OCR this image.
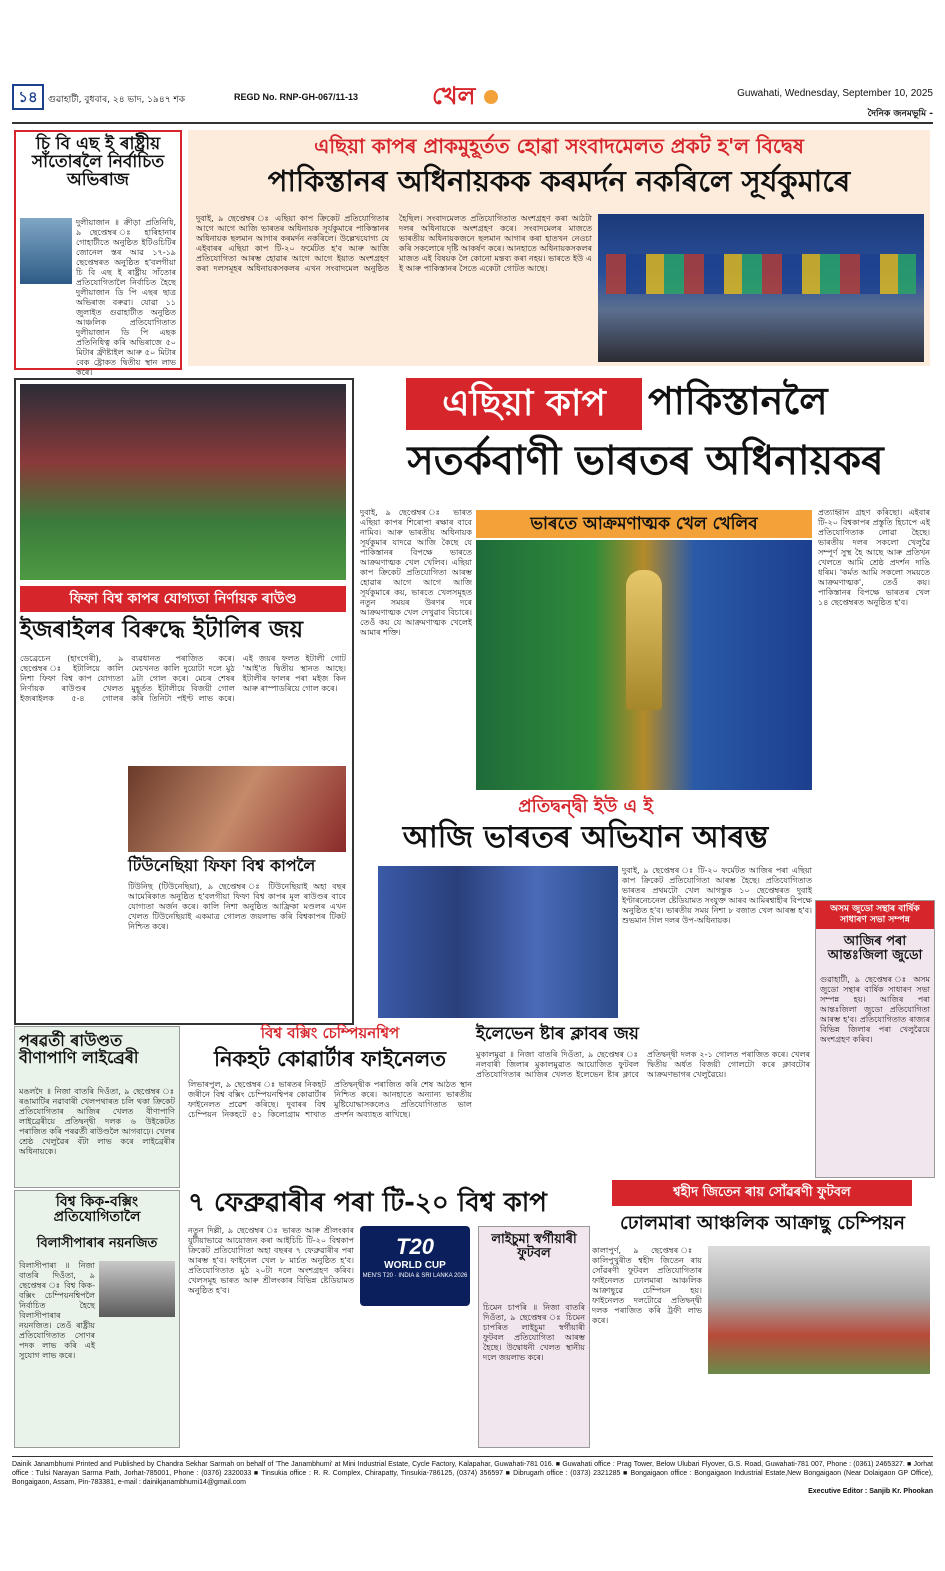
১৪	গুৱাহাটী, বুধবাৰ, ২৪ ভাদ, ১৯৪৭ শক	REGD No. RNP-GH-067/11-13	খেল	Guwahati, Wednesday, September 10, 2025
দৈনিক জনমভূমি -
চি বি এছ ই ৰাষ্ট্ৰীয় সাঁতোৰলৈ নিৰ্বাচিত অভিৰাজ
দুলীয়াজান ॥ ক্ৰীড়া প্ৰতিনিধি, ৯ ছেপ্তেম্বৰ ঃ হাৰিহানাৰ গোহাটীতে অনুষ্ঠিত ইটিওচিটিৰ জোনেল স্তৰ আৱ ১৭-১৯ ছেপ্তেম্বৰত অনুষ্ঠিত হ'বলগীয়া চি বি এছ ই ৰাষ্ট্ৰীয় সাঁতোৰ প্ৰতিযোগিতালৈ নিৰ্বাচিত হৈছে দুলীয়াজান ডি পি এছৰ ছাত্ৰ অভিৰাজ বৰুৱা। যোৱা ১১ জুলাইত গুৱাহাটীত অনুষ্ঠিত আঞ্চলিক প্ৰতিযোগিতাত দুলীয়াজান ডি পি এছক প্ৰতিনিধিত্ব কৰি অভিৰাজে ৫০ মিটাৰ ফ্ৰীষ্টাইল আৰু ৫০ মিটাৰ বেক ষ্ট্ৰোকত দ্বিতীয় স্থান লাভ কৰে।
এছিয়া কাপৰ প্ৰাকমুহূৰ্তত হোৱা সংবাদমেলত প্ৰকট হ'ল বিদ্বেষ
পাকিস্তানৰ অধিনায়কক কৰমৰ্দন নকৰিলে সূৰ্যকুমাৰে
দুবাই, ৯ ছেপ্তেম্বৰ ঃ এছিয়া কাপ ক্ৰিকেট প্ৰতিযোগিতাৰ আগে আগে আজি ভাৰতৰ অধিনায়ক সূৰ্যকুমাৰে পাকিস্তানৰ অধিনায়ক ছলমান আগাৰ কৰমৰ্দন নকৰিলে। উল্লেখযোগ্য যে এইবাৰৰ এছিয়া কাপ টি-২০ ফৰ্মেটত হ'ব আৰু আজি প্ৰতিযোগিতা আৰম্ভ হোৱাৰ আগে আগে ইয়াত অংশগ্ৰহণ কৰা দলসমূহৰ অধিনায়কসকলৰ এখন সংবাদমেল অনুষ্ঠিত হৈছিল। সংবাদমেলত প্ৰতিযোগিতাত অংশগ্ৰহণ কৰা আঠটা দলৰ অধিনায়কে অংশগ্ৰহণ কৰে। সংবাদমেলৰ মাজতে ভাৰতীয় অধিনায়কজনে ছলমান আগাৰ কৰা হাতখন নেওচা কৰি সকলোৰে দৃষ্টি আকৰ্ষণ কৰে। আনহাতে অধিনায়কসকলৰ মাজত এই বিষয়ক লৈ কোনো মন্তব্য কৰা নহয়। ভাৰতে ইউ এ ই আৰু পাকিস্তানৰ সৈতে একেটা গোটত আছে।
ফিফা বিশ্ব কাপৰ যোগ্যতা নিৰ্ণায়ক ৰাউণ্ড
ইজৰাইলৰ বিৰুদ্ধে ইটালিৰ জয়
ডেব্ৰেচেন (হাংগেৰী), ৯ ছেপ্তেম্বৰ ঃ ইটালিয়ে কালি নিশা ফিফা বিশ্ব কাপ যোগ্যতা নিৰ্ণায়ক ৰাউণ্ডৰ খেলত ইজৰাইলক ৫-৪ গোলৰ ব্যৱধানত পৰাজিত কৰে। মেচখনত কালি দুয়োটা দলে মুঠ ৯টা গোল কৰে। মেচৰ শেষৰ মুহূৰ্তত ইটালীয়ে বিজয়ী গোল কৰি তিনিটা পইণ্ট লাভ কৰে। এই জয়ৰ ফলত ইটালী গোট 'আই'ত দ্বিতীয় স্থানত আছে। ইটালীৰ ফালৰ পৰা মইজ কিন আৰু ৰাস্পাডৰিয়ে গোল কৰে।
টিউনেছিয়া ফিফা বিশ্ব কাপলৈ
টিউনিছ (টিউনেছিয়া), ৯ ছেপ্তেম্বৰ ঃ টিউনেছিয়াই অহা বছৰ আমেৰিকাত অনুষ্ঠিত হ'বলগীয়া ফিফা বিশ্ব কাপৰ মূল ৰাউণ্ডৰ বাবে যোগ্যতা অৰ্জন কৰে। কালি নিশা অনুষ্ঠিত আফ্ৰিকা মণ্ডলৰ এখন খেলত টিউনেছিয়াই একমাত্ৰ গোলত জয়লাভ কৰি বিশ্বকাপৰ টিকট নিশ্চিত কৰে।
এছিয়া কাপ	পাকিস্তানলৈ
সতৰ্কবাণী ভাৰতৰ অধিনায়কৰ
দুবাই, ৯ ছেপ্তেম্বৰ ঃ ভাৰত এছিয়া কাপৰ শিৰোপা ৰক্ষাৰ বাবে নামিব। আৰু ভাৰতীয় অধিনায়ক সূৰ্যকুমাৰ যাদৱে আজি কৈছে যে পাকিস্তানৰ বিপক্ষে ভাৰতে আক্ৰমণাত্মক খেল খেলিব। এছিয়া কাপ ক্ৰিকেট প্ৰতিযোগিতা আৰম্ভ হোৱাৰ আগে আগে আজি সূৰ্যকুমাৰে কয়, ভাৰতে খেলসমূহত নতুন সময়ৰ উৰণৰ দৰে আক্ৰমণাত্মক খেল দেখুৱাব বিচাৰে। তেওঁ কয় যে আক্ৰমণাত্মক খেলেই আমাৰ শক্তি।
ভাৰতে আক্ৰমণাত্মক খেল খেলিব
প্ৰত্যাহ্বান গ্ৰহণ কৰিছো। এইবাৰ টি-২০ বিশ্বকাপৰ প্ৰস্তুতি হিচাপে এই প্ৰতিযোগিতাক লোৱা হৈছে। ভাৰতীয় দলৰ সকলো খেলুৱৈ সম্পূৰ্ণ সুস্থ হৈ আছে আৰু প্ৰতিখন খেলতে আমি শ্ৰেষ্ঠ প্ৰদৰ্শন দাঙি ধৰিম। 'কৰ্মত আমি সকলো সময়তে আক্ৰমণাত্মক', তেওঁ কয়। পাকিস্তানৰ বিপক্ষে ভাৰতৰ খেল ১৪ ছেপ্তেম্বৰত অনুষ্ঠিত হ'ব।
প্ৰতিদ্বন্দ্বী ইউ এ ই
আজি ভাৰতৰ অভিযান আৰম্ভ
দুবাই, ৯ ছেপ্তেম্বৰ ঃ টি-২০ ফৰ্মেটত আজিৰ পৰা এছিয়া কাপ ক্ৰিকেট প্ৰতিযোগিতা আৰম্ভ হৈছে। প্ৰতিযোগিতাত ভাৰতৰ প্ৰথমটো খেল আগন্তুক ১০ ছেপ্তেম্বৰত দুবাই ইণ্টাৰনেচনেল ষ্টেডিয়ামত সংযুক্ত আৰব আমিৰশ্বাহীৰ বিপক্ষে অনুষ্ঠিত হ'ব। ভাৰতীয় সময় নিশা ৮ বজাত খেল আৰম্ভ হ'ব। শুভমান গিল দলৰ উপ-অধিনায়ক।
অসম জুডো সন্থাৰ বাৰ্ষিক সাধাৰণ সভা সম্পন্ন
আজিৰ পৰা আন্তঃজিলা জুডো
গুৱাহাটী, ৯ ছেপ্তেম্বৰ ঃ অসম জুডো সন্থাৰ বাৰ্ষিক সাধাৰণ সভা সম্পন্ন হয়। আজিৰ পৰা আন্তঃজিলা জুডো প্ৰতিযোগিতা আৰম্ভ হ'ব। প্ৰতিযোগিতাত ৰাজ্যৰ বিভিন্ন জিলাৰ পৰা খেলুৱৈয়ে অংশগ্ৰহণ কৰিব।
পৰৱৰ্তী ৰাউণ্ডত বীণাপাণি লাইব্ৰেৰী
মঙলদৈ ॥ নিজা বাতৰি দিওঁতা, ৯ ছেপ্তেম্বৰ ঃ ৰঙামাটিৰ নৱাবাৰী খেলপথাৰত চলি থকা ক্ৰিকেট প্ৰতিযোগিতাৰ আজিৰ খেলত বীণাপাণি লাইব্ৰেৰীয়ে প্ৰতিদ্বন্দ্বী দলক ৬ উইকেটত পৰাজিত কৰি পৰৱৰ্তী ৰাউণ্ডলৈ আগবাঢ়ে। খেলৰ শ্ৰেষ্ঠ খেলুৱৈৰ বঁটা লাভ কৰে লাইব্ৰেৰীৰ অধিনায়কে।
বিশ্ব কিক-বক্সিং প্ৰতিযোগিতালৈ
বিলাসীপাৰাৰ নয়নজিত
বিলাসীপাৰা ॥ নিজা বাতৰি দিওঁতা, ৯ ছেপ্তেম্বৰ ঃ বিশ্ব কিক-বক্সিং চেম্পিয়নশ্বিপলৈ নিৰ্বাচিত হৈছে বিলাসীপাৰাৰ নয়নজিত। তেওঁ ৰাষ্ট্ৰীয় প্ৰতিযোগিতাত সোণৰ পদক লাভ কৰি এই সুযোগ লাভ কৰে।
বিশ্ব বক্সিং চেম্পিয়নশ্বিপ
নিকহট কোৱাৰ্টাৰ ফাইনেলত
লিভাৰপুল, ৯ ছেপ্তেম্বৰ ঃ ভাৰতৰ নিকহট জৰীনে বিশ্ব বক্সিং চেম্পিয়নশ্বিপৰ কোৱাৰ্টাৰ ফাইনেলত প্ৰৱেশ কৰিছে। দুবাৰৰ বিশ্ব চেম্পিয়ন নিকহটে ৫১ কিলোগ্ৰাম শাখাত প্ৰতিদ্বন্দ্বীক পৰাজিত কৰি শেষ আঠত স্থান নিশ্চিত কৰে। আনহাতে অন্যান্য ভাৰতীয় মুষ্টিযোদ্ধাসকলেও প্ৰতিযোগিতাত ভাল প্ৰদৰ্শন অব্যাহত ৰাখিছে।
ইলেভেন ষ্টাৰ ক্লাবৰ জয়
মুকালমুৱা ॥ নিজা বাতৰি দিওঁতা, ৯ ছেপ্তেম্বৰ ঃ নলবাৰী জিলাৰ মুকালমুৱাত আয়োজিত ফুটবল প্ৰতিযোগিতাৰ আজিৰ খেলত ইলেভেন ষ্টাৰ ক্লাবে প্ৰতিদ্বন্দ্বী দলক ২-১ গোলত পৰাজিত কৰে। খেলৰ দ্বিতীয় অৰ্ধত বিজয়ী গোলটো কৰে ক্লাবটোৰ আক্ৰমণভাগৰ খেলুৱৈয়ে।
৭ ফেব্ৰুৱাৰীৰ পৰা টি-২০ বিশ্ব কাপ
নতুন দিল্লী, ৯ ছেপ্তেম্বৰ ঃ ভাৰত আৰু শ্ৰীলংকাৰ যুটীয়াভাৱে আয়োজন কৰা আইচিচি টি-২০ বিশ্বকাপ ক্ৰিকেট প্ৰতিযোগিতা অহা বছৰৰ ৭ ফেব্ৰুৱাৰীৰ পৰা আৰম্ভ হ'ব। ফাইনেল খেল ৮ মাৰ্চত অনুষ্ঠিত হ'ব। প্ৰতিযোগিতাত মুঠ ২০টা দলে অংশগ্ৰহণ কৰিব। খেলসমূহ ভাৰত আৰু শ্ৰীলংকাৰ বিভিন্ন ষ্টেডিয়ামত অনুষ্ঠিত হ'ব।
T20
WORLD CUP
MEN'S T20 · INDIA & SRI LANKA 2026
লাইচুমা স্বৰ্গীয়াৰী ফুটবল
চিমেন চাপৰি ॥ নিজা বাতৰি দিওঁতা, ৯ ছেপ্তেম্বৰ ঃ চিমেন চাপৰিত লাইচুমা স্বৰ্গীয়াৰী ফুটবল প্ৰতিযোগিতা আৰম্ভ হৈছে। উদ্বোধনী খেলত স্থানীয় দলে জয়লাভ কৰে।
শ্বহীদ জিতেন ৰায় সোঁৱৰণী ফুটবল
ঢোলমাৰা আঞ্চলিক আক্ৰাছু চেম্পিয়ন
কালাপুৰ্ণ, ৯ ছেপ্তেম্বৰ ঃ কালিপুখুৰীত শ্বহীদ জিতেন ৰায় সোঁৱৰণী ফুটবল প্ৰতিযোগিতাৰ ফাইনেলত ঢোলমাৰা আঞ্চলিক আক্ৰাছুৱে চেম্পিয়ন হয়। ফাইনেলত দলটোৱে প্ৰতিদ্বন্দ্বী দলক পৰাজিত কৰি ট্ৰফী লাভ কৰে।
Dainik Janambhumi Printed and Published by Chandra Sekhar Sarmah on behalf of 'The Janambhumi' at Mini Industrial Estate, Cycle Factory, Kalapahar, Guwahati-781 016. ■ Guwahati office : Prag Tower, Below Ulubari Flyover, G.S. Road, Guwahati-781 007, Phone : (0361) 2465327. ■ Jorhat office : Tulsi Narayan Sarma Path, Jorhat-785001, Phone : (0376) 2320033 ■ Tinsukia office : R. R. Complex, Chirapatty, Tinsukia-786125, (0374) 356597 ■ Dibrugarh office : (0373) 2321285 ■ Bongaigaon office : Bongaigaon Industrial Estate,New Bongaigaon (Near Dolaigaon GP Office), Bongaigaon, Assam, Pin-783381, e-mail : dainikjanambhumi14@gmail.com
Executive Editor : Sanjib Kr. Phookan
